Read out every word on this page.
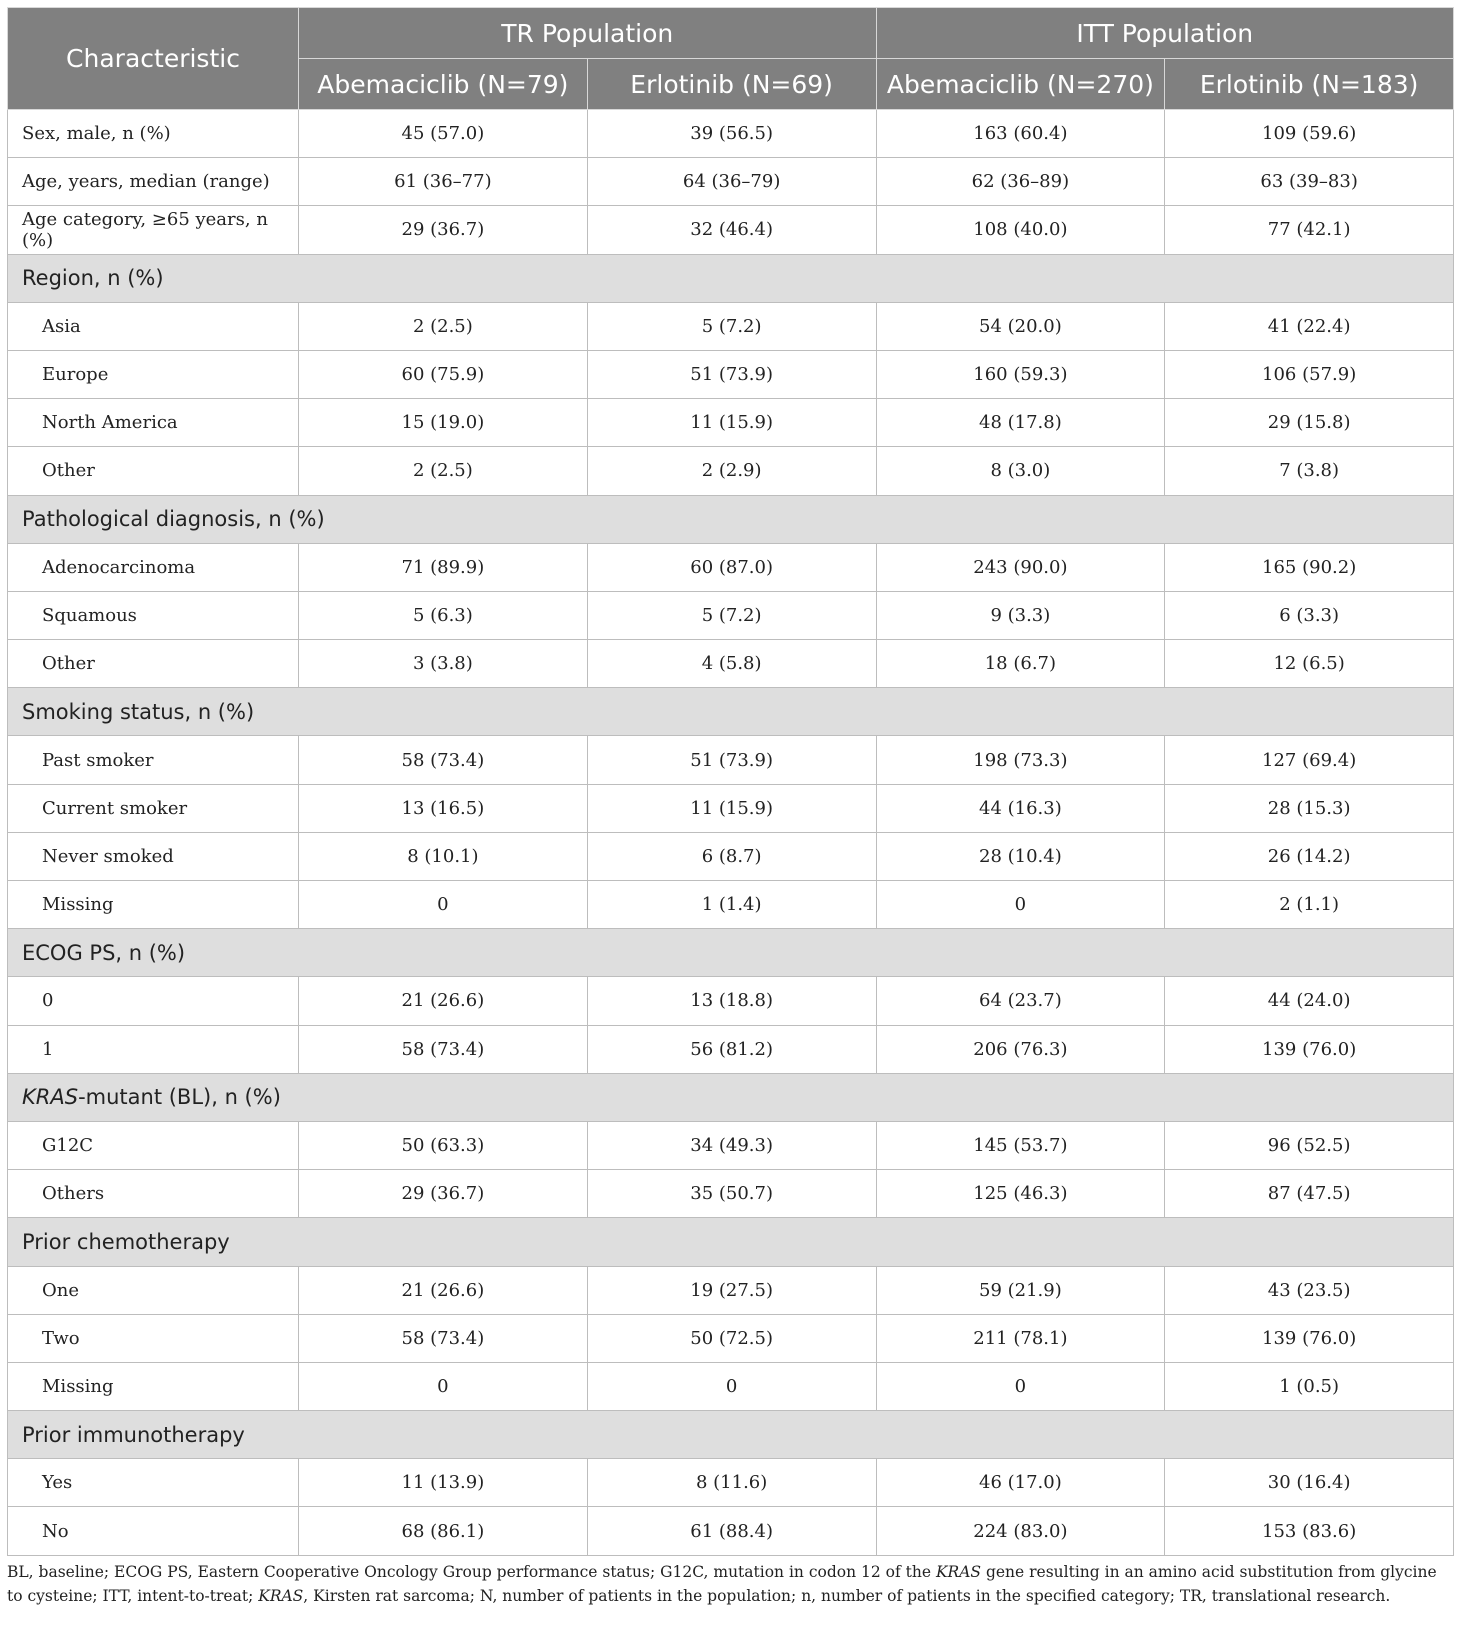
Characteristic	TR Population		ITT Population	
	Abemaciclib (N=79)	Erlotinib (N=69)	Abemaciclib (N=270)	Erlotinib (N=183)
Sex, male, n (%)	45 (57.0)	39 (56.5)	163 (60.4)	109 (59.6)
Age, years, median (range)	61 (36–77)	64 (36–79)	62 (36–89)	63 (39–83)
Age category, ≥65 years, n (%)	29 (36.7)	32 (46.4)	108 (40.0)	77 (42.1)
Region, n (%)				
Asia	2 (2.5)	5 (7.2)	54 (20.0)	41 (22.4)
Europe	60 (75.9)	51 (73.9)	160 (59.3)	106 (57.9)
North America	15 (19.0)	11 (15.9)	48 (17.8)	29 (15.8)
Other	2 (2.5)	2 (2.9)	8 (3.0)	7 (3.8)
Pathological diagnosis, n (%)				
Adenocarcinoma	71 (89.9)	60 (87.0)	243 (90.0)	165 (90.2)
Squamous	5 (6.3)	5 (7.2)	9 (3.3)	6 (3.3)
Other	3 (3.8)	4 (5.8)	18 (6.7)	12 (6.5)
Smoking status, n (%)				
Past smoker	58 (73.4)	51 (73.9)	198 (73.3)	127 (69.4)
Current smoker	13 (16.5)	11 (15.9)	44 (16.3)	28 (15.3)
Never smoked	8 (10.1)	6 (8.7)	28 (10.4)	26 (14.2)
Missing	0	1 (1.4)	0	2 (1.1)
ECOG PS, n (%)				
0	21 (26.6)	13 (18.8)	64 (23.7)	44 (24.0)
1	58 (73.4)	56 (81.2)	206 (76.3)	139 (76.0)
KRAS-mutant (BL), n (%)				
G12C	50 (63.3)	34 (49.3)	145 (53.7)	96 (52.5)
Others	29 (36.7)	35 (50.7)	125 (46.3)	87 (47.5)
Prior chemotherapy				
One	21 (26.6)	19 (27.5)	59 (21.9)	43 (23.5)
Two	58 (73.4)	50 (72.5)	211 (78.1)	139 (76.0)
Missing	0	0	0	1 (0.5)
Prior immunotherapy				
Yes	11 (13.9)	8 (11.6)	46 (17.0)	30 (16.4)
No	68 (86.1)	61 (88.4)	224 (83.0)	153 (83.6)
BL, baseline; ECOG PS, Eastern Cooperative Oncology Group performance status; G12C, mutation in codon 12 of the KRAS gene resulting in an amino acid substitution from glycine to cysteine; ITT, intent-to-treat; KRAS, Kirsten rat sarcoma; N, number of patients in the population; n, number of patients in the specified category; TR, translational research.
